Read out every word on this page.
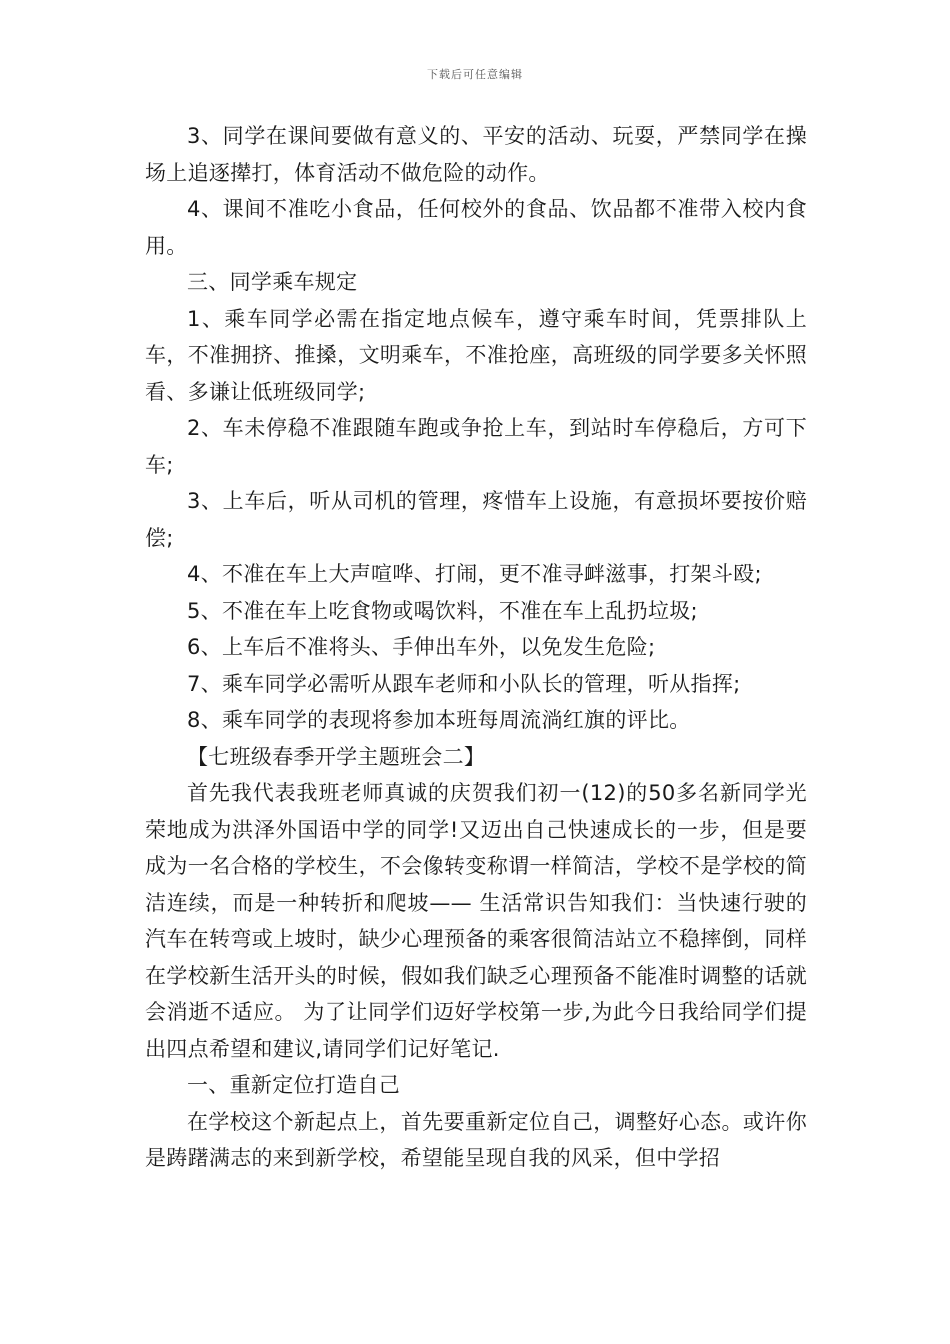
下载后可任意编辑

3、同学在课间要做有意义的、平安的活动、玩耍，严禁同学在操场上追逐撵打，体育活动不做危险的动作。

4、课间不准吃小食品，任何校外的食品、饮品都不准带入校内食用。

三、同学乘车规定

1、乘车同学必需在指定地点候车，遵守乘车时间，凭票排队上车，不准拥挤、推搡，文明乘车，不准抢座，高班级的同学要多关怀照看、多谦让低班级同学;

2、车未停稳不准跟随车跑或争抢上车，到站时车停稳后，方可下车;

3、上车后，听从司机的管理，疼惜车上设施，有意损坏要按价赔偿;

4、不准在车上大声喧哗、打闹，更不准寻衅滋事，打架斗殴;

5、不准在车上吃食物或喝饮料，不准在车上乱扔垃圾;

6、上车后不准将头、手伸出车外，以免发生危险;

7、乘车同学必需听从跟车老师和小队长的管理，听从指挥;

8、乘车同学的表现将参加本班每周流淌红旗的评比。

【七班级春季开学主题班会二】

首先我代表我班老师真诚的庆贺我们初一(12)的50多名新同学光荣地成为洪泽外国语中学的同学!又迈出自己快速成长的一步，但是要成为一名合格的学校生，不会像转变称谓一样简洁，学校不是学校的简洁连续，而是一种转折和爬坡—— 生活常识告知我们：当快速行驶的汽车在转弯或上坡时，缺少心理预备的乘客很简洁站立不稳摔倒，同样在学校新生活开头的时候，假如我们缺乏心理预备不能准时调整的话就会消逝不适应。 为了让同学们迈好学校第一步,为此今日我给同学们提出四点希望和建议,请同学们记好笔记.

一、重新定位打造自己

在学校这个新起点上，首先要重新定位自己，调整好心态。或许你是踌躇满志的来到新学校，希望能呈现自我的风采，但中学招
